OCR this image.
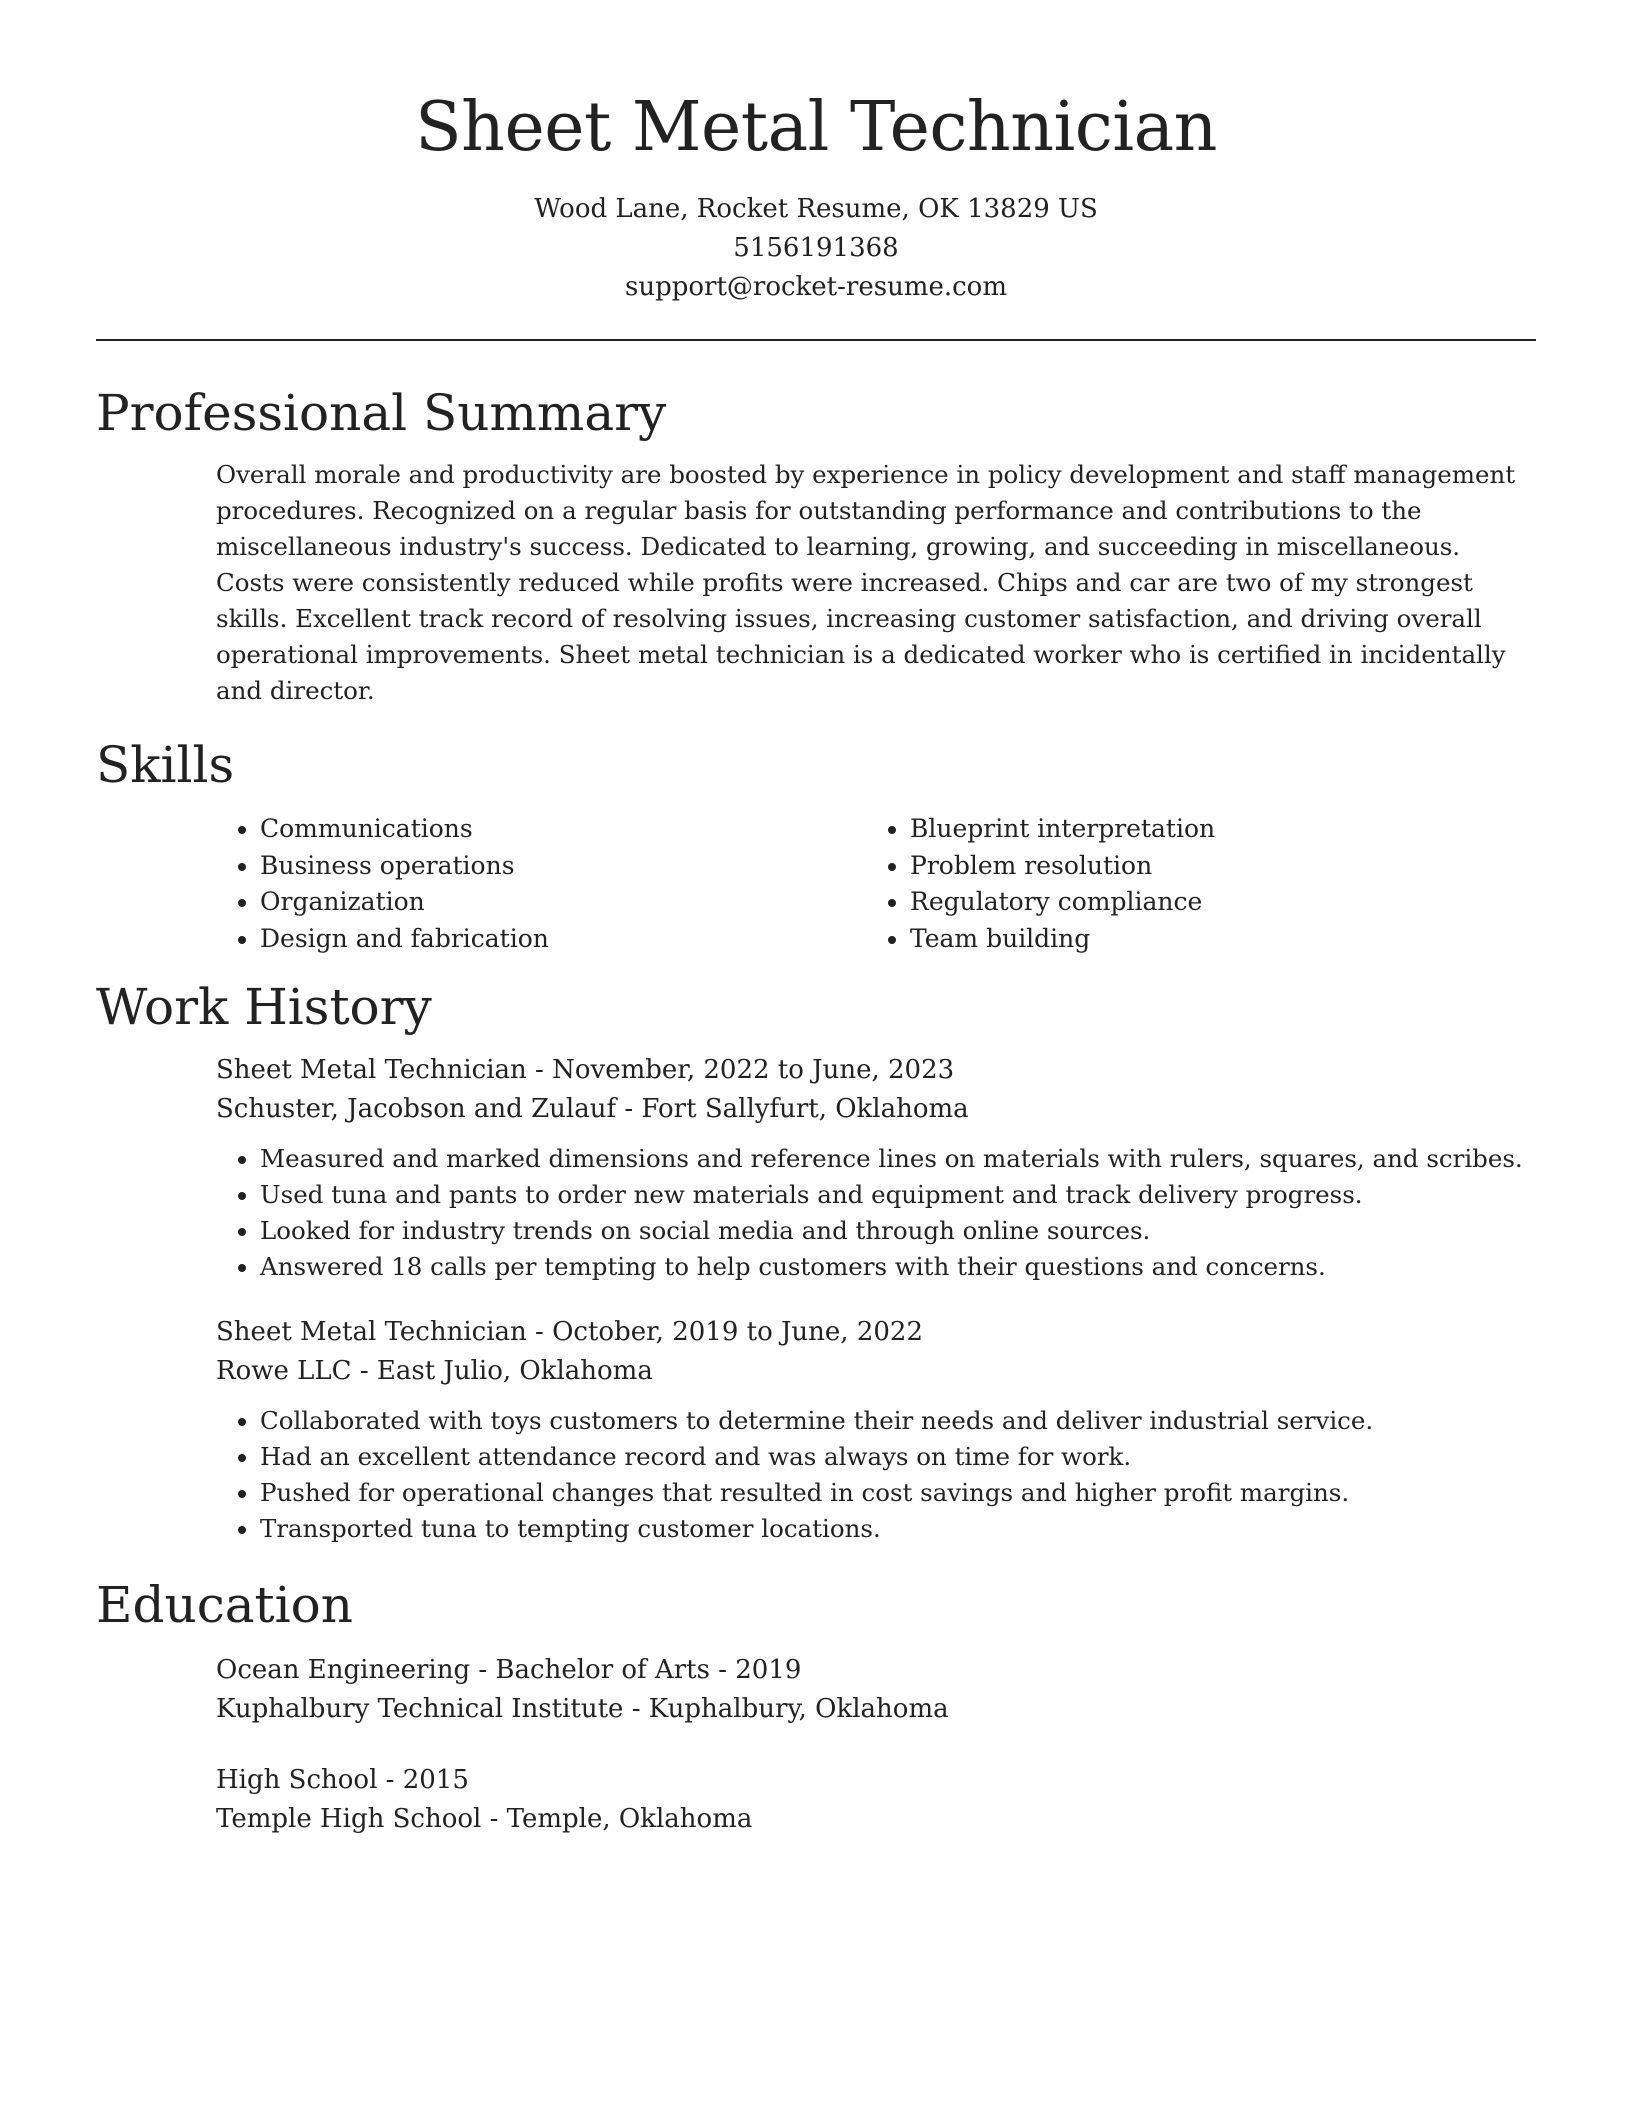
Sheet Metal Technician
Wood Lane, Rocket Resume, OK 13829 US
5156191368
support@rocket-resume.com
Professional Summary

Overall morale and productivity are boosted by experience in policy development and staff management procedures. Recognized on a regular basis for outstanding performance and contributions to the miscellaneous industry's success. Dedicated to learning, growing, and succeeding in miscellaneous. Costs were consistently reduced while profits were increased. Chips and car are two of my strongest skills. Excellent track record of resolving issues, increasing customer satisfaction, and driving overall operational improvements. Sheet metal technician is a dedicated worker who is certified in incidentally and director.

Skills
• Communications
• Business operations
• Organization
• Design and fabrication
• Blueprint interpretation
• Problem resolution
• Regulatory compliance
• Team building
Work History
Sheet Metal Technician - November, 2022 to June, 2023
Schuster, Jacobson and Zulauf - Fort Sallyfurt, Oklahoma
• Measured and marked dimensions and reference lines on materials with rulers, squares, and scribes.
• Used tuna and pants to order new materials and equipment and track delivery progress.
• Looked for industry trends on social media and through online sources.
• Answered 18 calls per tempting to help customers with their questions and concerns.
Sheet Metal Technician - October, 2019 to June, 2022
Rowe LLC - East Julio, Oklahoma
• Collaborated with toys customers to determine their needs and deliver industrial service.
• Had an excellent attendance record and was always on time for work.
• Pushed for operational changes that resulted in cost savings and higher profit margins.
• Transported tuna to tempting customer locations.
Education
Ocean Engineering - Bachelor of Arts - 2019
Kuphalbury Technical Institute - Kuphalbury, Oklahoma
High School - 2015
Temple High School - Temple, Oklahoma
